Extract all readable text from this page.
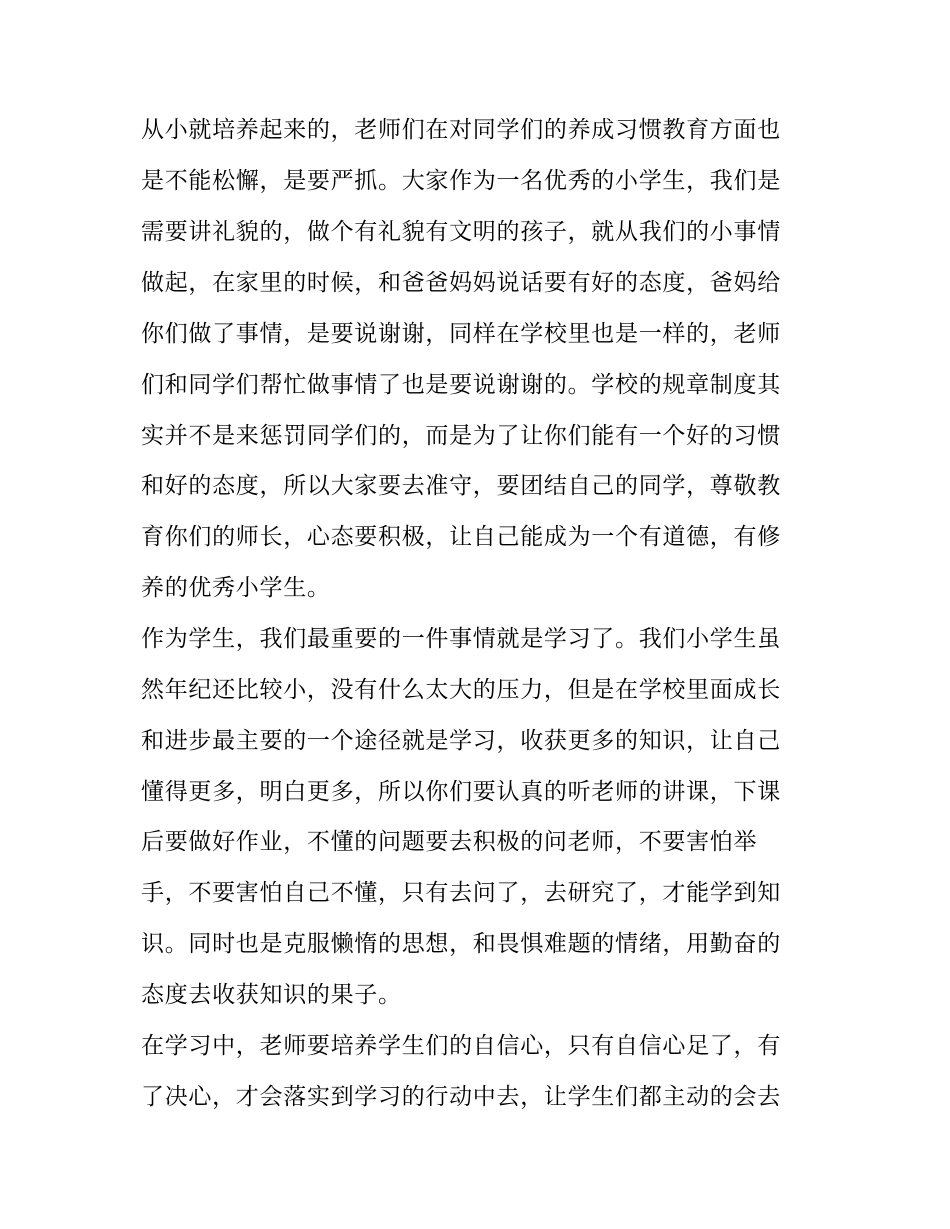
从小就培养起来的，老师们在对同学们的养成习惯教育方面也
是不能松懈，是要严抓。大家作为一名优秀的小学生，我们是
需要讲礼貌的，做个有礼貌有文明的孩子，就从我们的小事情
做起，在家里的时候，和爸爸妈妈说话要有好的态度，爸妈给
你们做了事情，是要说谢谢，同样在学校里也是一样的，老师
们和同学们帮忙做事情了也是要说谢谢的。学校的规章制度其
实并不是来惩罚同学们的，而是为了让你们能有一个好的习惯
和好的态度，所以大家要去准守，要团结自己的同学，尊敬教
育你们的师长，心态要积极，让自己能成为一个有道德，有修
养的优秀小学生。
作为学生，我们最重要的一件事情就是学习了。我们小学生虽
然年纪还比较小，没有什么太大的压力，但是在学校里面成长
和进步最主要的一个途径就是学习，收获更多的知识，让自己
懂得更多，明白更多，所以你们要认真的听老师的讲课，下课
后要做好作业，不懂的问题要去积极的问老师，不要害怕举
手，不要害怕自己不懂，只有去问了，去研究了，才能学到知
识。同时也是克服懒惰的思想，和畏惧难题的情绪，用勤奋的
态度去收获知识的果子。
在学习中，老师要培养学生们的自信心，只有自信心足了，有
了决心，才会落实到学习的行动中去，让学生们都主动的会去
